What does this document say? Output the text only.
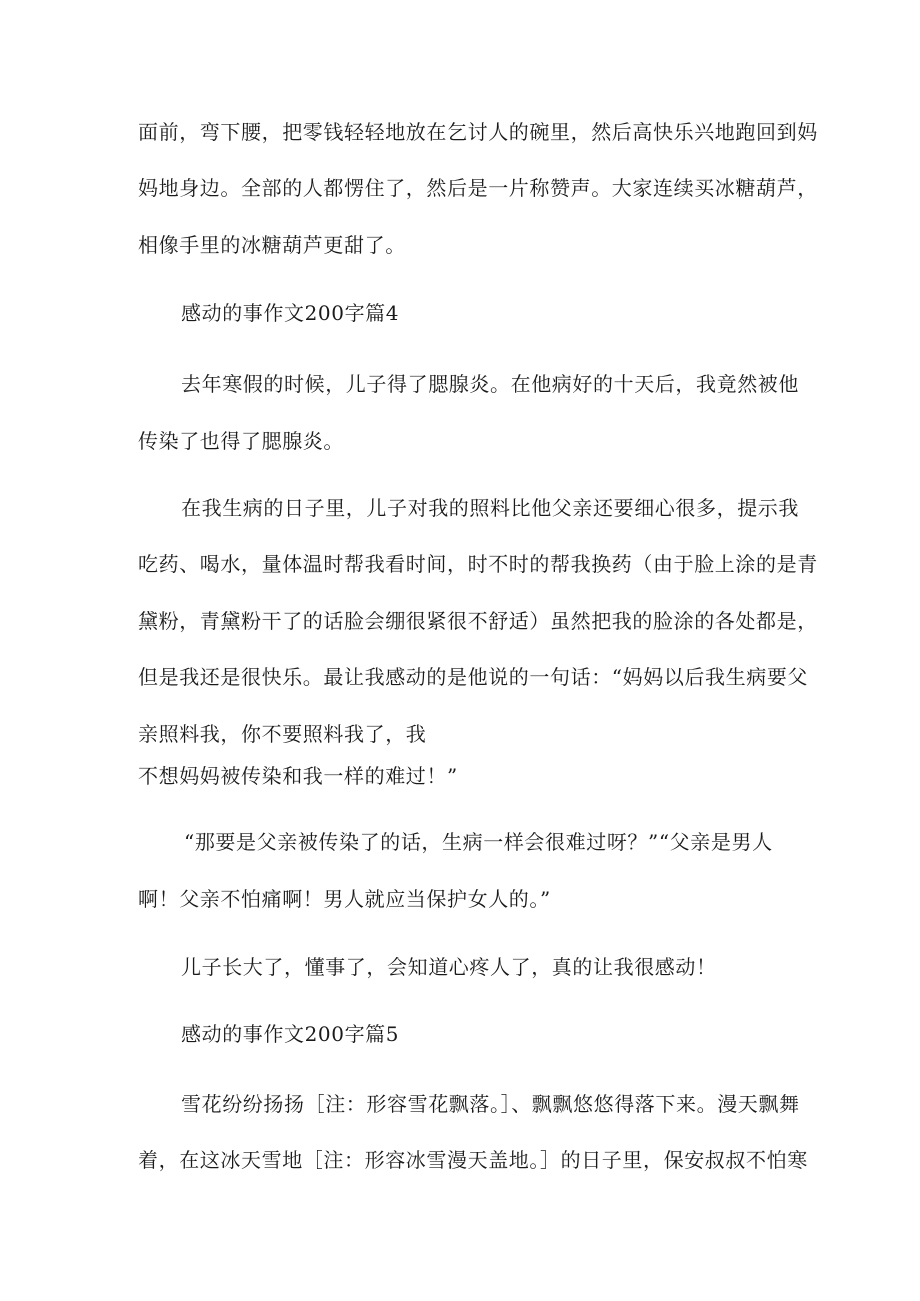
面前，弯下腰，把零钱轻轻地放在乞讨人的碗里，然后高快乐兴地跑回到妈
妈地身边。全部的人都愣住了，然后是一片称赞声。大家连续买冰糖葫芦，
相像手里的冰糖葫芦更甜了。
感动的事作文200字篇4
去年寒假的时候，儿子得了腮腺炎。在他病好的十天后，我竟然被他
传染了也得了腮腺炎。
在我生病的日子里，儿子对我的照料比他父亲还要细心很多，提示我
吃药、喝水，量体温时帮我看时间，时不时的帮我换药（由于脸上涂的是青
黛粉，青黛粉干了的话脸会绷很紧很不舒适）虽然把我的脸涂的各处都是，
但是我还是很快乐。最让我感动的是他说的一句话：“妈妈以后我生病要父
亲照料我，你不要照料我了，我
不想妈妈被传染和我一样的难过！”
“那要是父亲被传染了的话，生病一样会很难过呀？”“父亲是男人
啊！父亲不怕痛啊！男人就应当保护女人的。”
儿子长大了，懂事了，会知道心疼人了，真的让我很感动！
感动的事作文200字篇5
雪花纷纷扬扬［注：形容雪花飘落。］、飘飘悠悠得落下来。漫天飘舞
着，在这冰天雪地［注：形容冰雪漫天盖地。］的日子里，保安叔叔不怕寒
